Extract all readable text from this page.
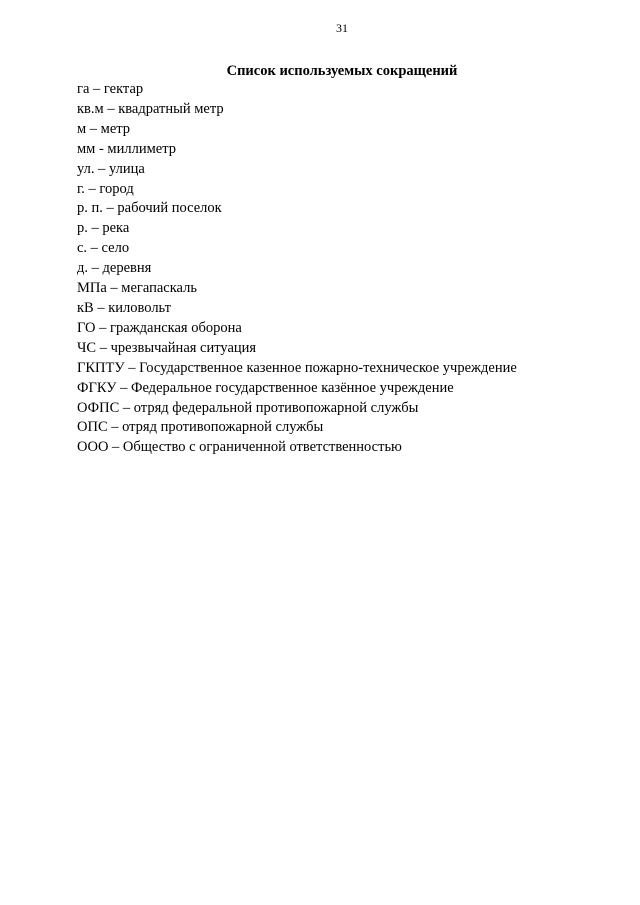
31
Список используемых сокращений
га – гектар
кв.м – квадратный метр
м – метр
мм - миллиметр
ул. – улица
г. – город
р. п. – рабочий поселок
р. – река
с. – село
д. – деревня
МПа – мегапаскаль
кВ – киловольт
ГО – гражданская оборона
ЧС – чрезвычайная ситуация
ГКПТУ – Государственное казенное пожарно-техническое учреждение
ФГКУ – Федеральное государственное казённое учреждение
ОФПС – отряд федеральной противопожарной службы
ОПС – отряд противопожарной службы
ООО – Общество с ограниченной ответственностью
